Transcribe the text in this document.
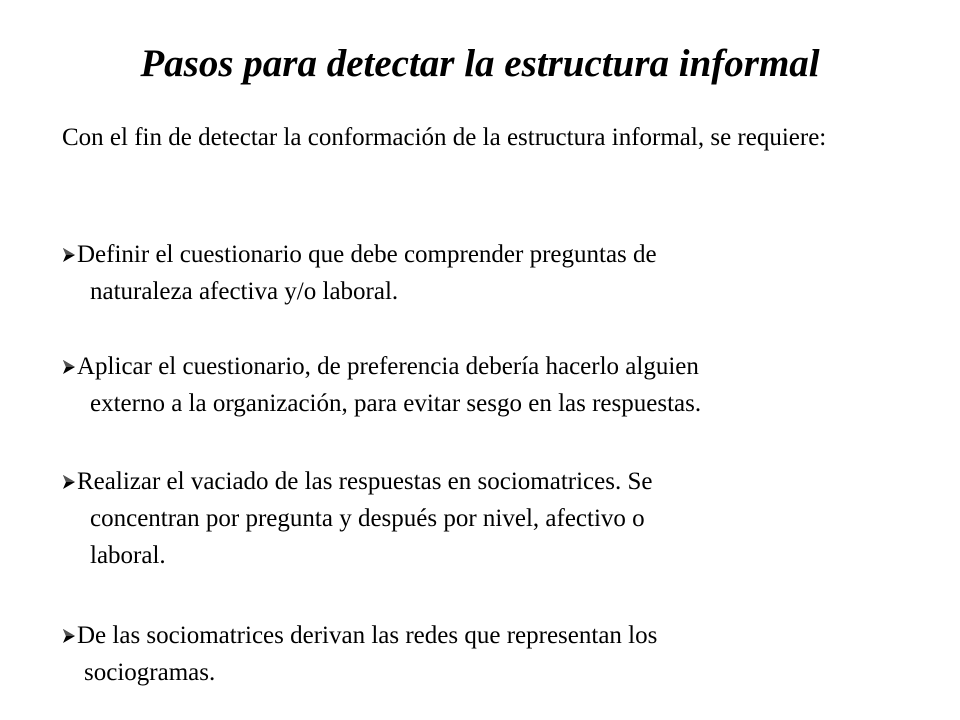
Pasos para detectar la estructura informal

Con el fin de detectar la conformación de la estructura informal, se requiere:

Definir el cuestionario que debe comprender preguntas de
naturaleza afectiva y/o laboral.
Aplicar el cuestionario, de preferencia debería hacerlo alguien
externo a la organización, para evitar sesgo en las respuestas.
Realizar el vaciado de las respuestas en sociomatrices. Se
concentran por pregunta y después por nivel, afectivo o
laboral.
De las sociomatrices derivan las redes que representan los
sociogramas.
